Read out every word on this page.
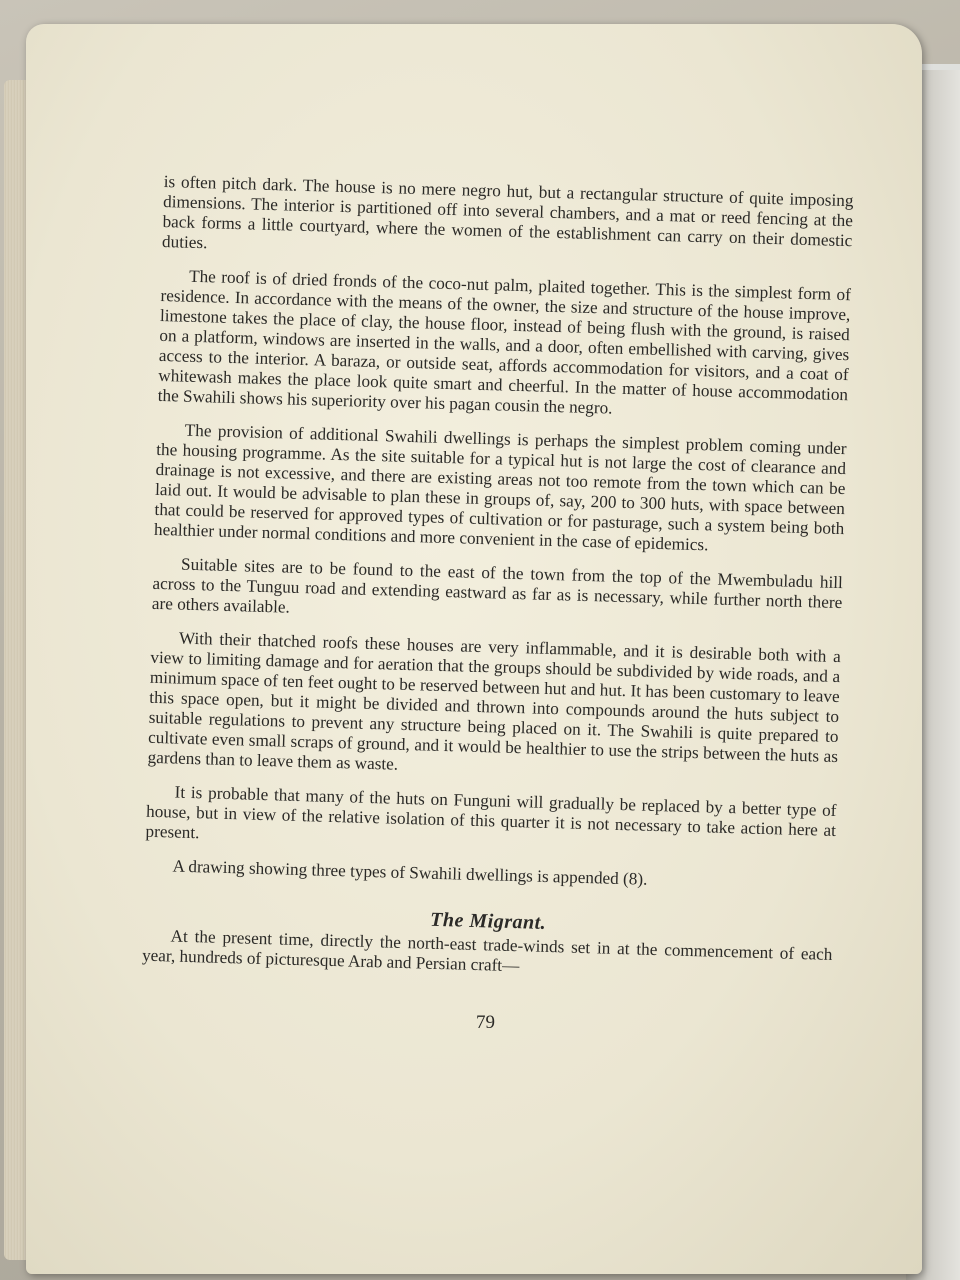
is often pitch dark. The house is no mere negro hut, but a rectangular structure of quite imposing dimensions. The interior is partitioned off into several chambers, and a mat or reed fencing at the back forms a little courtyard, where the women of the establishment can carry on their domestic duties.

The roof is of dried fronds of the coco-nut palm, plaited together. This is the simplest form of residence. In accordance with the means of the owner, the size and structure of the house improve, limestone takes the place of clay, the house floor, instead of being flush with the ground, is raised on a platform, windows are inserted in the walls, and a door, often embellished with carving, gives access to the interior. A baraza, or outside seat, affords accommodation for visitors, and a coat of whitewash makes the place look quite smart and cheerful. In the matter of house accommodation the Swahili shows his superiority over his pagan cousin the negro.

The provision of additional Swahili dwellings is perhaps the simplest problem coming under the housing programme. As the site suitable for a typical hut is not large the cost of clearance and drainage is not excessive, and there are existing areas not too remote from the town which can be laid out. It would be advisable to plan these in groups of, say, 200 to 300 huts, with space between that could be reserved for approved types of cultivation or for pasturage, such a system being both healthier under normal conditions and more convenient in the case of epidemics.

Suitable sites are to be found to the east of the town from the top of the Mwembuladu hill across to the Tunguu road and extending eastward as far as is necessary, while further north there are others available.

With their thatched roofs these houses are very inflammable, and it is desirable both with a view to limiting damage and for aeration that the groups should be subdivided by wide roads, and a minimum space of ten feet ought to be reserved between hut and hut. It has been customary to leave this space open, but it might be divided and thrown into compounds around the huts subject to suitable regulations to prevent any structure being placed on it. The Swahili is quite prepared to cultivate even small scraps of ground, and it would be healthier to use the strips between the huts as gardens than to leave them as waste.

It is probable that many of the huts on Funguni will gradually be replaced by a better type of house, but in view of the relative isolation of this quarter it is not necessary to take action here at present.

A drawing showing three types of Swahili dwellings is appended (8).

The Migrant.

At the present time, directly the north-east trade-winds set in at the commencement of each year, hundreds of picturesque Arab and Persian craft—

79
